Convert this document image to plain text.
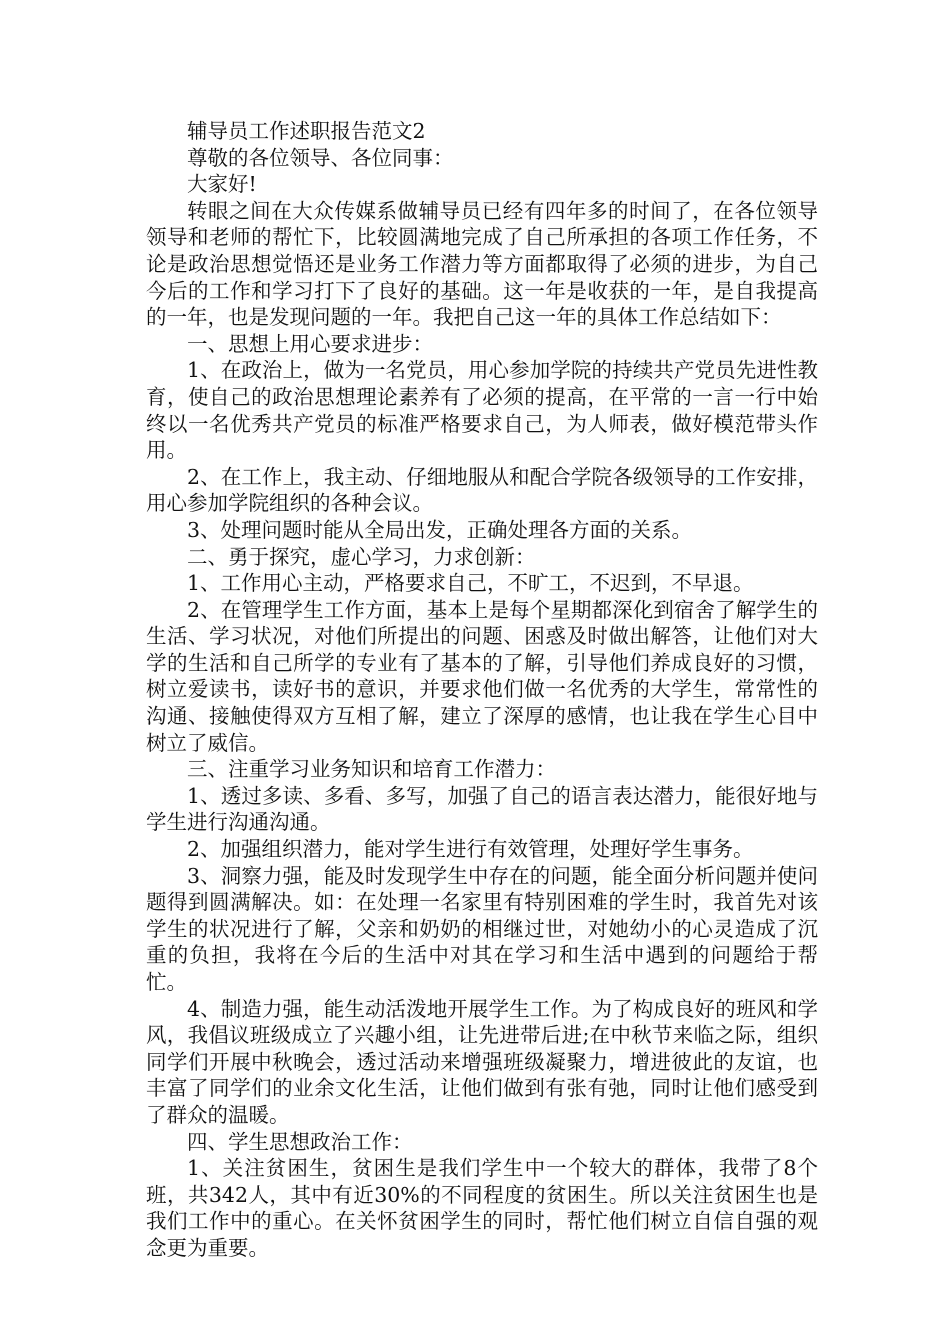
辅导员工作述职报告范文2

尊敬的各位领导、各位同事：

大家好!

转眼之间在大众传媒系做辅导员已经有四年多的时间了，在各位领导领导和老师的帮忙下，比较圆满地完成了自己所承担的各项工作任务，不论是政治思想觉悟还是业务工作潜力等方面都取得了必须的进步，为自己今后的工作和学习打下了良好的基础。这一年是收获的一年，是自我提高的一年，也是发现问题的一年。我把自己这一年的具体工作总结如下：

一、思想上用心要求进步：

1、在政治上，做为一名党员，用心参加学院的持续共产党员先进性教育，使自己的政治思想理论素养有了必须的提高，在平常的一言一行中始终以一名优秀共产党员的标准严格要求自己，为人师表，做好模范带头作用。

2、在工作上，我主动、仔细地服从和配合学院各级领导的工作安排，用心参加学院组织的各种会议。

3、处理问题时能从全局出发，正确处理各方面的关系。

二、勇于探究，虚心学习，力求创新：

1、工作用心主动，严格要求自己，不旷工，不迟到，不早退。

2、在管理学生工作方面，基本上是每个星期都深化到宿舍了解学生的生活、学习状况，对他们所提出的问题、困惑及时做出解答，让他们对大学的生活和自己所学的专业有了基本的了解，引导他们养成良好的习惯，树立爱读书，读好书的意识，并要求他们做一名优秀的大学生，常常性的沟通、接触使得双方互相了解，建立了深厚的感情，也让我在学生心目中树立了威信。

三、注重学习业务知识和培育工作潜力：

1、透过多读、多看、多写，加强了自己的语言表达潜力，能很好地与学生进行沟通沟通。

2、加强组织潜力，能对学生进行有效管理，处理好学生事务。

3、洞察力强，能及时发现学生中存在的问题，能全面分析问题并使问题得到圆满解决。如：在处理一名家里有特别困难的学生时，我首先对该学生的状况进行了解，父亲和奶奶的相继过世，对她幼小的心灵造成了沉重的负担，我将在今后的生活中对其在学习和生活中遇到的问题给于帮忙。

4、制造力强，能生动活泼地开展学生工作。为了构成良好的班风和学风，我倡议班级成立了兴趣小组，让先进带后进;在中秋节来临之际，组织同学们开展中秋晚会，透过活动来增强班级凝聚力，增进彼此的友谊，也丰富了同学们的业余文化生活，让他们做到有张有弛，同时让他们感受到了群众的温暖。

四、学生思想政治工作：

1、关注贫困生，贫困生是我们学生中一个较大的群体，我带了8个班，共342人，其中有近30%的不同程度的贫困生。所以关注贫困生也是我们工作中的重心。在关怀贫困学生的同时，帮忙他们树立自信自强的观念更为重要。
